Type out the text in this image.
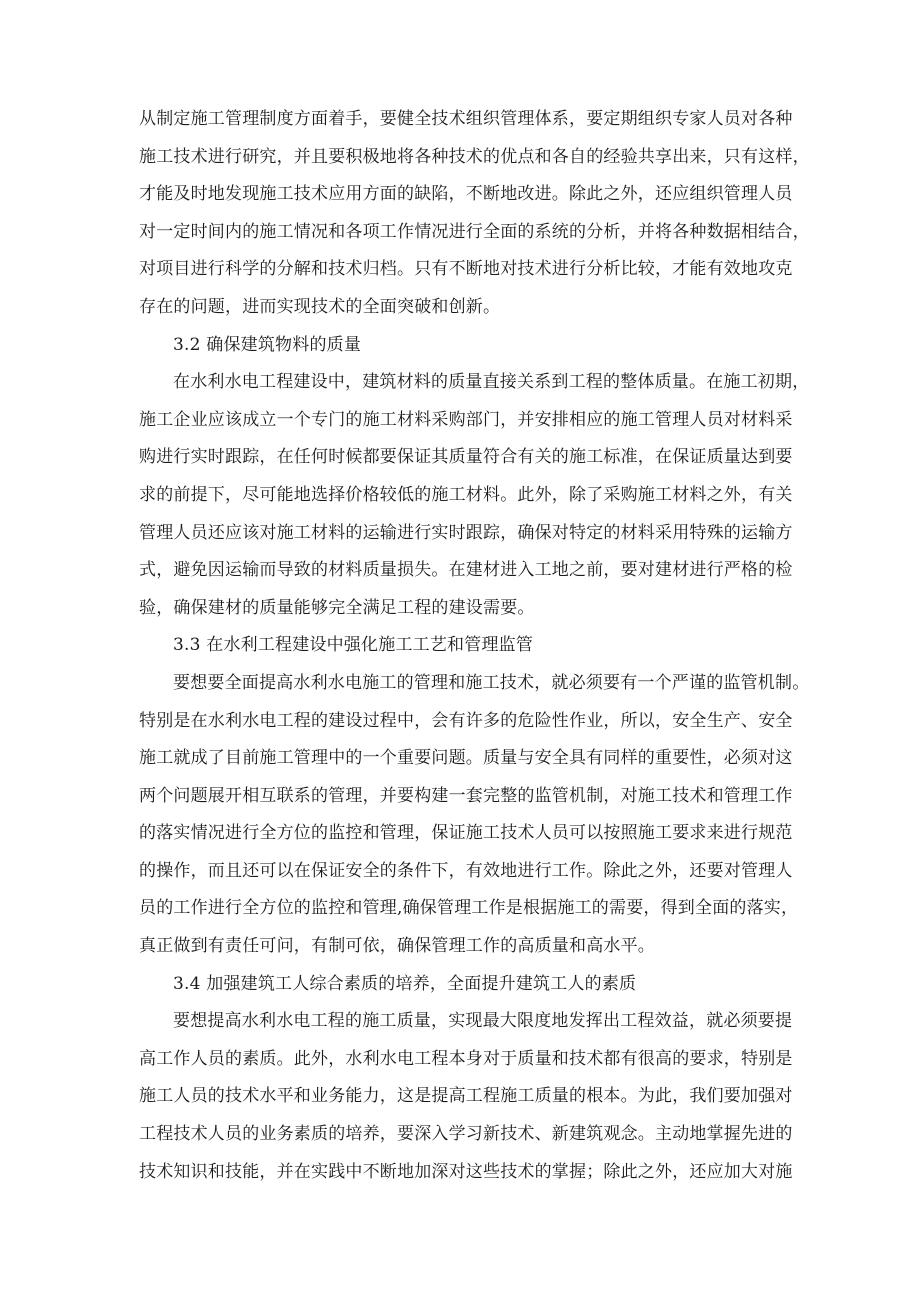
从制定施工管理制度方面着手，要健全技术组织管理体系，要定期组织专家人员对各种
施工技术进行研究，并且要积极地将各种技术的优点和各自的经验共享出来，只有这样，
才能及时地发现施工技术应用方面的缺陷，不断地改进。除此之外，还应组织管理人员
对一定时间内的施工情况和各项工作情况进行全面的系统的分析，并将各种数据相结合，
对项目进行科学的分解和技术归档。只有不断地对技术进行分析比较，才能有效地攻克
存在的问题，进而实现技术的全面突破和创新。
3.2 确保建筑物料的质量
在水利水电工程建设中，建筑材料的质量直接关系到工程的整体质量。在施工初期，
施工企业应该成立一个专门的施工材料采购部门，并安排相应的施工管理人员对材料采
购进行实时跟踪，在任何时候都要保证其质量符合有关的施工标准，在保证质量达到要
求的前提下，尽可能地选择价格较低的施工材料。此外，除了采购施工材料之外，有关
管理人员还应该对施工材料的运输进行实时跟踪，确保对特定的材料采用特殊的运输方
式，避免因运输而导致的材料质量损失。在建材进入工地之前，要对建材进行严格的检
验，确保建材的质量能够完全满足工程的建设需要。
3.3 在水利工程建设中强化施工工艺和管理监管
要想要全面提高水利水电施工的管理和施工技术，就必须要有一个严谨的监管机制。
特别是在水利水电工程的建设过程中，会有许多的危险性作业，所以，安全生产、安全
施工就成了目前施工管理中的一个重要问题。质量与安全具有同样的重要性，必须对这
两个问题展开相互联系的管理，并要构建一套完整的监管机制，对施工技术和管理工作
的落实情况进行全方位的监控和管理，保证施工技术人员可以按照施工要求来进行规范
的操作，而且还可以在保证安全的条件下，有效地进行工作。除此之外，还要对管理人
员的工作进行全方位的监控和管理,确保管理工作是根据施工的需要，得到全面的落实，
真正做到有责任可问，有制可依，确保管理工作的高质量和高水平。
3.4 加强建筑工人综合素质的培养，全面提升建筑工人的素质
要想提高水利水电工程的施工质量，实现最大限度地发挥出工程效益，就必须要提
高工作人员的素质。此外，水利水电工程本身对于质量和技术都有很高的要求，特别是
施工人员的技术水平和业务能力，这是提高工程施工质量的根本。为此，我们要加强对
工程技术人员的业务素质的培养，要深入学习新技术、新建筑观念。主动地掌握先进的
技术知识和技能，并在实践中不断地加深对这些技术的掌握；除此之外，还应加大对施
